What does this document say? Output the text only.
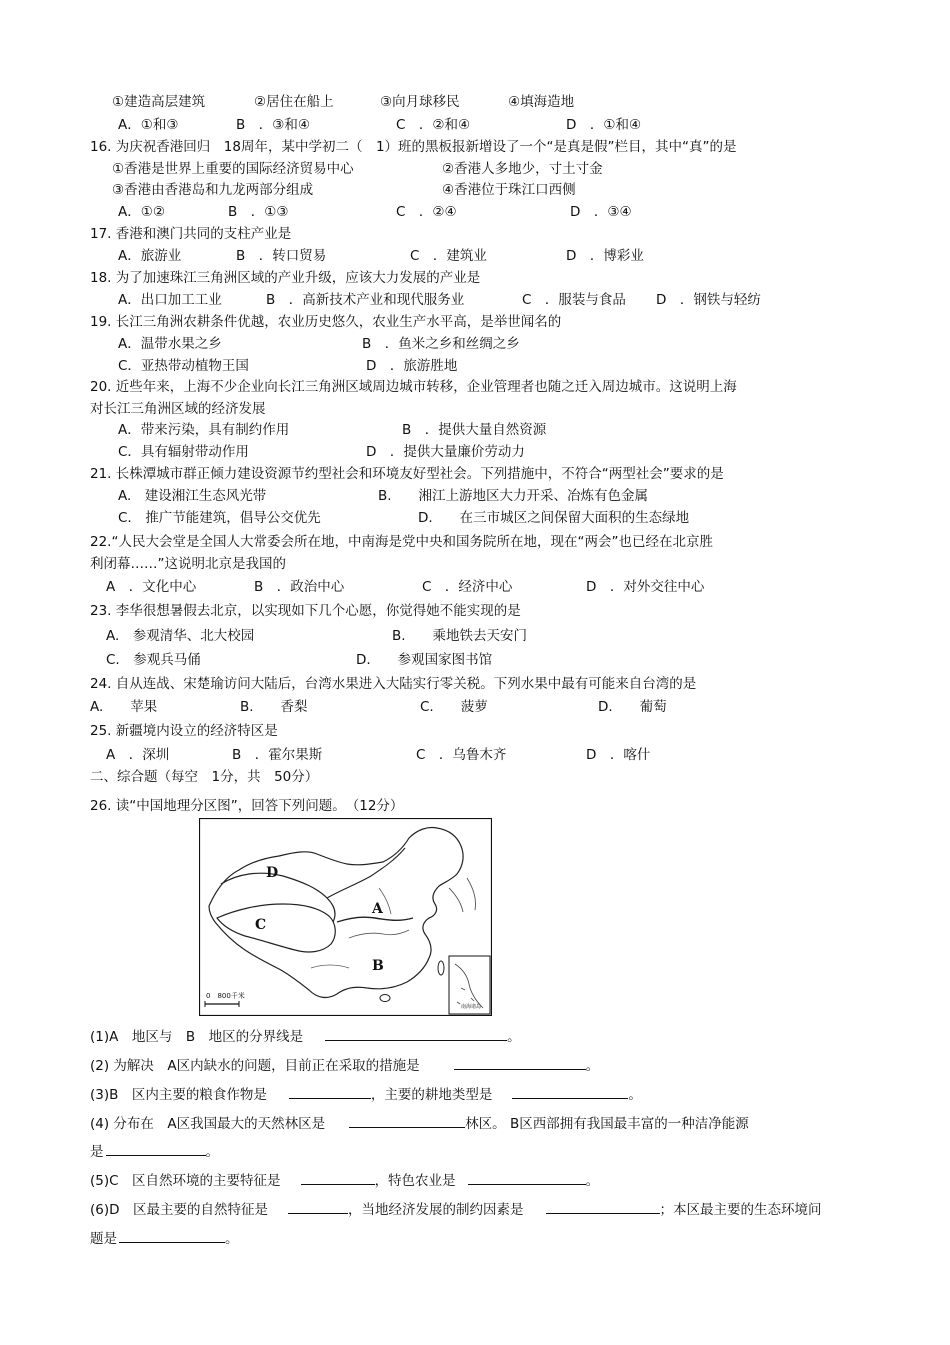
①建造高层建筑	②居住在船上	③向月球移民	④填海造地
A．①和③	B　．③和④	C　．②和④	D　．①和④
16. 为庆祝香港回归　18周年，某中学初二（　1）班的黑板报新增设了一个“是真是假”栏目，其中“真”的是
①香港是世界上重要的国际经济贸易中心	②香港人多地少，寸土寸金
③香港由香港岛和九龙两部分组成	④香港位于珠江口西侧
A．①②	B　．①③	C　．②④	D　．③④
17. 香港和澳门共同的支柱产业是
A．旅游业	B　．转口贸易	C　．建筑业	D　．博彩业
18. 为了加速珠江三角洲区域的产业升级，应该大力发展的产业是
A．出口加工工业	B　．高新技术产业和现代服务业	C　．服装与食品 D　．钢铁与轻纺
19. 长江三角洲农耕条件优越，农业历史悠久，农业生产水平高，是举世闻名的
A．温带水果之乡	B　．鱼米之乡和丝绸之乡
C．亚热带动植物王国	D　．旅游胜地
20. 近些年来，上海不少企业向长江三角洲区域周边城市转移，企业管理者也随之迁入周边城市。这说明上海
对长江三角洲区域的经济发展
A．带来污染，具有制约作用	B　．提供大量自然资源
C．具有辐射带动作用	D　．提供大量廉价劳动力
21. 长株潭城市群正倾力建设资源节约型社会和环境友好型社会。下列措施中，不符合“两型社会”要求的是
A.　建设湘江生态风光带	B.　　湘江上游地区大力开采、冶炼有色金属
C.　推广节能建筑，倡导公交优先	D.　　在三市城区之间保留大面积的生态绿地
22.“人民大会堂是全国人大常委会所在地，中南海是党中央和国务院所在地，现在“两会”也已经在北京胜
利闭幕……”这说明北京是我国的
A　．文化中心	B　．政治中心	C　．经济中心	D　．对外交往中心
23. 李华很想暑假去北京，以实现如下几个心愿，你觉得她不能实现的是
A.　参观清华、北大校园	B.　　乘地铁去天安门
C.　参观兵马俑	D.　　参观国家图书馆
24. 自从连战、宋楚瑜访问大陆后，台湾水果进入大陆实行零关税。下列水果中最有可能来自台湾的是
A.　　苹果	B.　　香梨	C.　　菠萝	D.　　葡萄
25. 新疆境内设立的经济特区是
A　．深圳	B　．霍尔果斯	C　．乌鲁木齐	D　．喀什
二、综合题（每空　1分，共　50分）
26. 读“中国地理分区图”，回答下列问题。　（12分）
D
A
C
B
0　800千米
南海诸岛
(1)A　地区与　B　地区的分界线是	。
(2) 为解决　A区内缺水的问题，目前正在采取的措施是	。
(3)B　区内主要的粮食作物是	，主要的耕地类型是	。
(4) 分布在　A区我国最大的天然林区是	林区。 B区西部拥有我国最丰富的一种洁净能源
是	。
(5)C　区自然环境的主要特征是	，特色农业是	。
(6)D　区最主要的自然特征是	，当地经济发展的制约因素是	；本区最主要的生态环境问
题是	。
